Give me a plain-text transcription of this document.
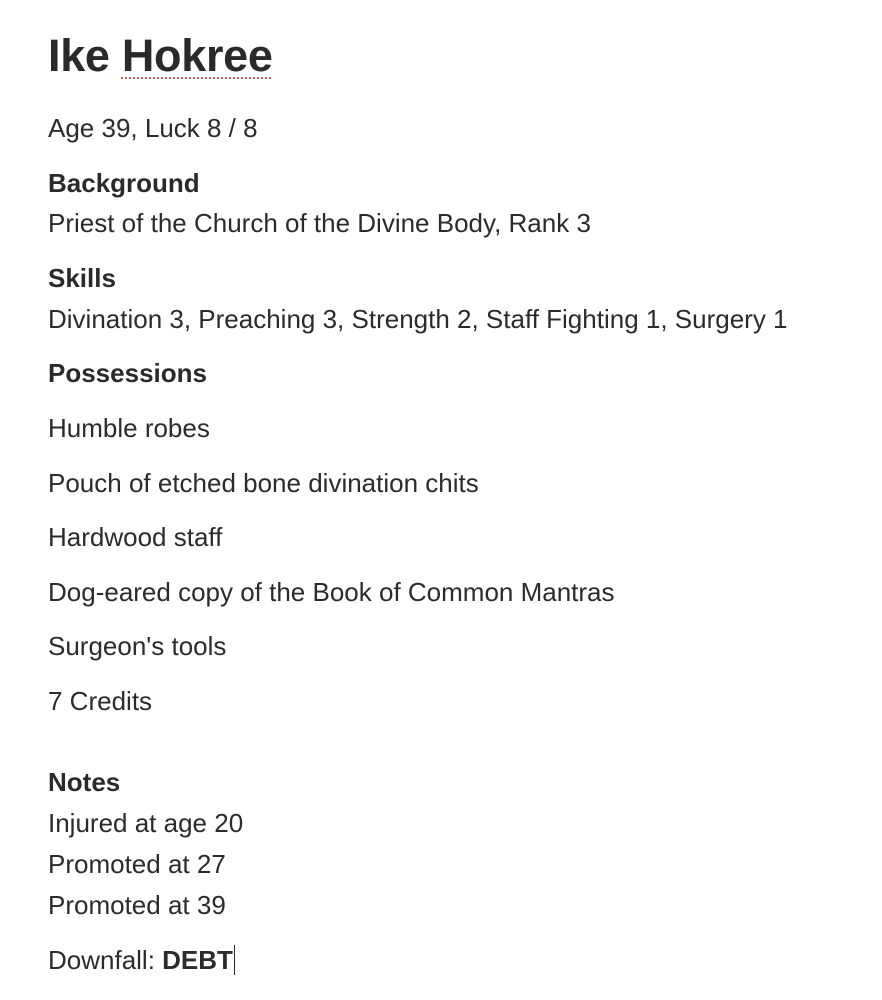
Ike Hokree
Age 39, Luck 8 / 8
Background
Priest of the Church of the Divine Body, Rank 3
Skills
Divination 3, Preaching 3, Strength 2, Staff Fighting 1, Surgery 1
Possessions
Humble robes
Pouch of etched bone divination chits
Hardwood staff
Dog-eared copy of the Book of Common Mantras
Surgeon's tools
7 Credits
Notes
Injured at age 20
Promoted at 27
Promoted at 39
Downfall: DEBT
